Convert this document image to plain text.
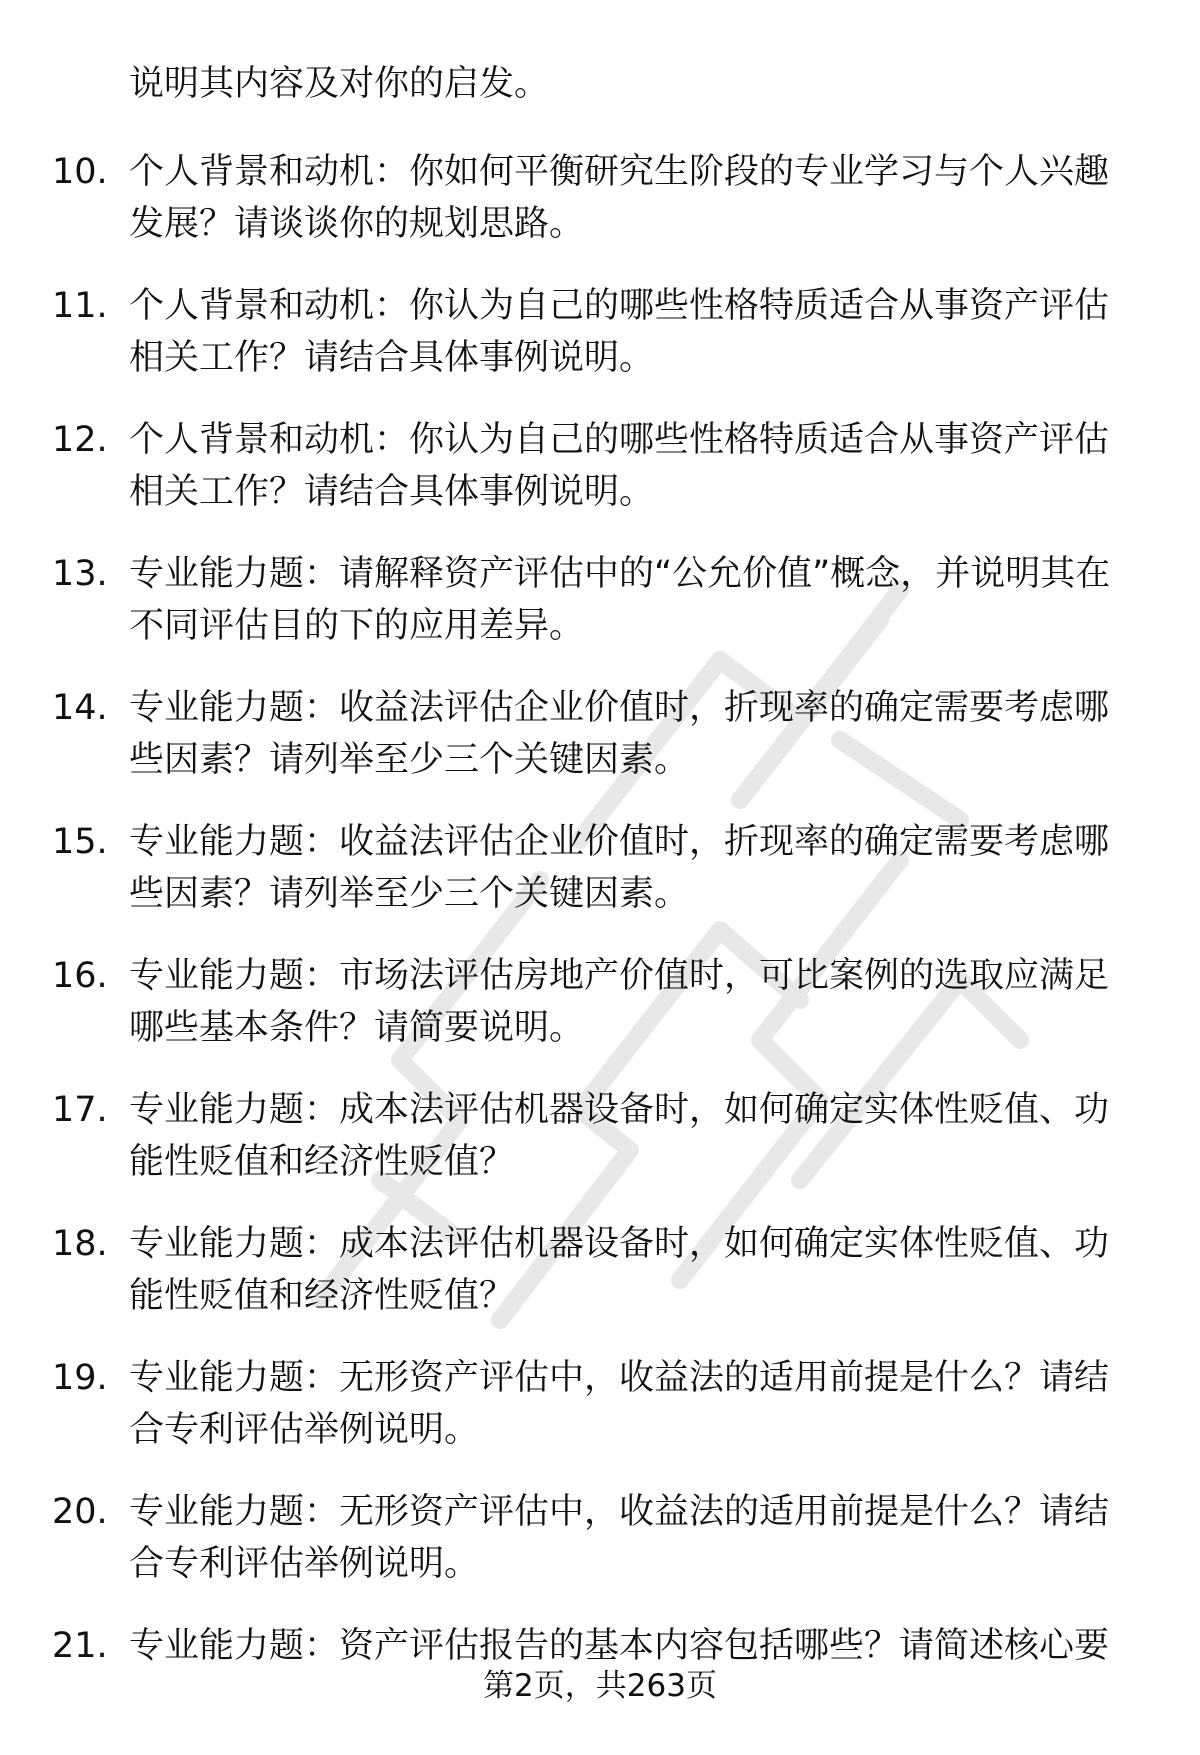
说明其内容及对你的启发。
10. 个人背景和动机：你如何平衡研究生阶段的专业学习与个人兴趣发展？请谈谈你的规划思路。
11. 个人背景和动机：你认为自己的哪些性格特质适合从事资产评估相关工作？请结合具体事例说明。
12. 个人背景和动机：你认为自己的哪些性格特质适合从事资产评估相关工作？请结合具体事例说明。
13. 专业能力题：请解释资产评估中的“公允价值”概念，并说明其在不同评估目的下的应用差异。
14. 专业能力题：收益法评估企业价值时，折现率的确定需要考虑哪些因素？请列举至少三个关键因素。
15. 专业能力题：收益法评估企业价值时，折现率的确定需要考虑哪些因素？请列举至少三个关键因素。
16. 专业能力题：市场法评估房地产价值时，可比案例的选取应满足哪些基本条件？请简要说明。
17. 专业能力题：成本法评估机器设备时，如何确定实体性贬值、功能性贬值和经济性贬值？
18. 专业能力题：成本法评估机器设备时，如何确定实体性贬值、功能性贬值和经济性贬值？
19. 专业能力题：无形资产评估中，收益法的适用前提是什么？请结合专利评估举例说明。
20. 专业能力题：无形资产评估中，收益法的适用前提是什么？请结合专利评估举例说明。
21. 专业能力题：资产评估报告的基本内容包括哪些？请简述核心要
第2页，共263页
